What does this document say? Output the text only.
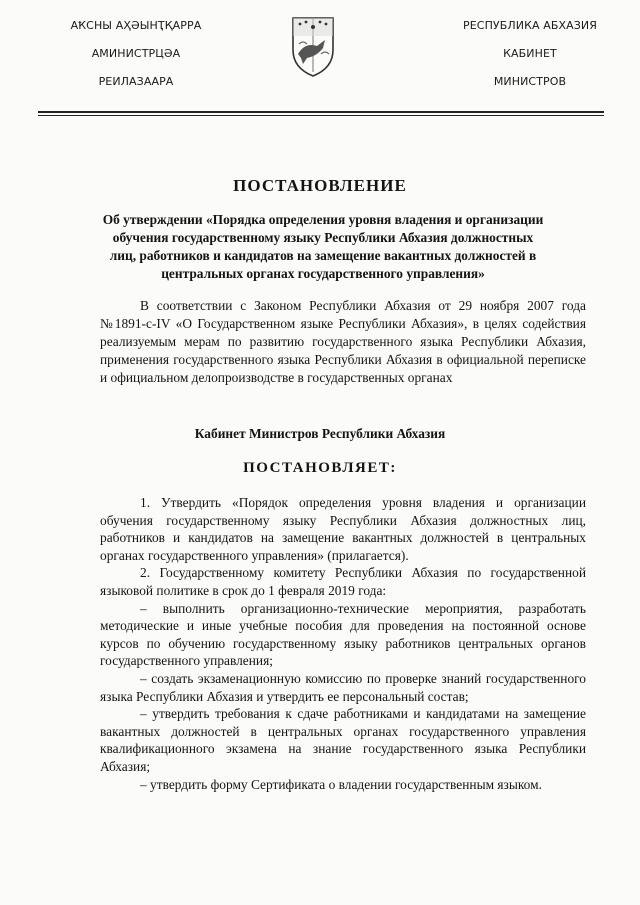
АҞСНЫ АҲӘЫНҬҚАРРА
АМИНИСТРЦӘА
РЕИЛАЗААРА
РЕСПУБЛИКА АБХАЗИЯ
КАБИНЕТ
МИНИСТРОВ
ПОСТАНОВЛЕНИЕ
Об утверждении «Порядка определения уровня владения и организации обучения государственному языку Республики Абхазия должностных лиц, работников и кандидатов на замещение вакантных должностей в центральных органах государственного управления»

В соответствии с Законом Республики Абхазия от 29 ноября 2007 года №1891-с-IV «О Государственном языке Республики Абхазия», в целях содействия реализуемым мерам по развитию государственного языка Республики Абхазия, применения государственного языка Республики Абхазия в официальной переписке и официальном делопроизводстве в государственных органах

Кабинет Министров Республики Абхазия
ПОСТАНОВЛЯЕТ:

1. Утвердить «Порядок определения уровня владения и организации обучения государственному языку Республики Абхазия должностных лиц, работников и кандидатов на замещение вакантных должностей в центральных органах государственного управления» (прилагается).

2. Государственному комитету Республики Абхазия по государственной языковой политике в срок до 1 февраля 2019 года:

– выполнить организационно-технические мероприятия, разработать методические и иные учебные пособия для проведения на постоянной основе курсов по обучению государственному языку работников центральных органов государственного управления;

– создать экзаменационную комиссию по проверке знаний государственного языка Республики Абхазия и утвердить ее персональный состав;

– утвердить требования к сдаче работниками и кандидатами на замещение вакантных должностей в центральных органах государственного управления квалификационного экзамена на знание государственного языка Республики Абхазия;

– утвердить форму Сертификата о владении государственным языком.
